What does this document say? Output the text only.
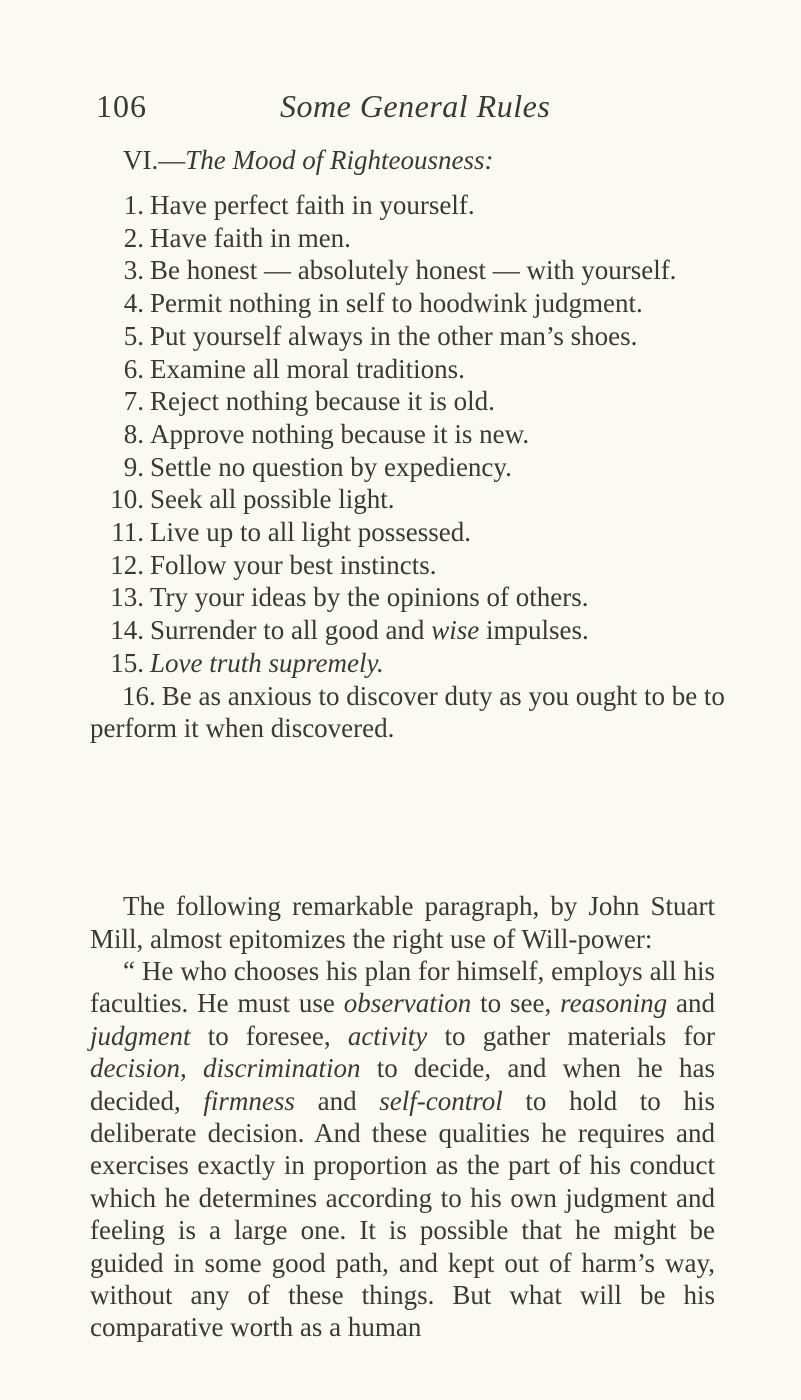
106	Some General Rules
VI.—The Mood of Righteousness:
1. Have perfect faith in yourself.
2. Have faith in men.
3. Be honest — absolutely honest — with yourself.
4. Permit nothing in self to hoodwink judgment.
5. Put yourself always in the other man’s shoes.
6. Examine all moral traditions.
7. Reject nothing because it is old.
8. Approve nothing because it is new.
9. Settle no question by expediency.
10. Seek all possible light.
11. Live up to all light possessed.
12. Follow your best instincts.
13. Try your ideas by the opinions of others.
14. Surrender to all good and wise impulses.
15. Love truth supremely.
16. Be as anxious to discover duty as you ought to be to perform it when discovered.

The following remarkable paragraph, by John Stuart Mill, almost epitomizes the right use of Will-power:

“ He who chooses his plan for himself, employs all his faculties. He must use observation to see, reasoning and judgment to foresee, activity to gather materials for decision, discrimination to decide, and when he has decided, firmness and self-control to hold to his deliberate decision. And these qualities he requires and exercises exactly in proportion as the part of his conduct which he determines according to his own judgment and feeling is a large one. It is possible that he might be guided in some good path, and kept out of harm’s way, without any of these things. But what will be his comparative worth as a human
